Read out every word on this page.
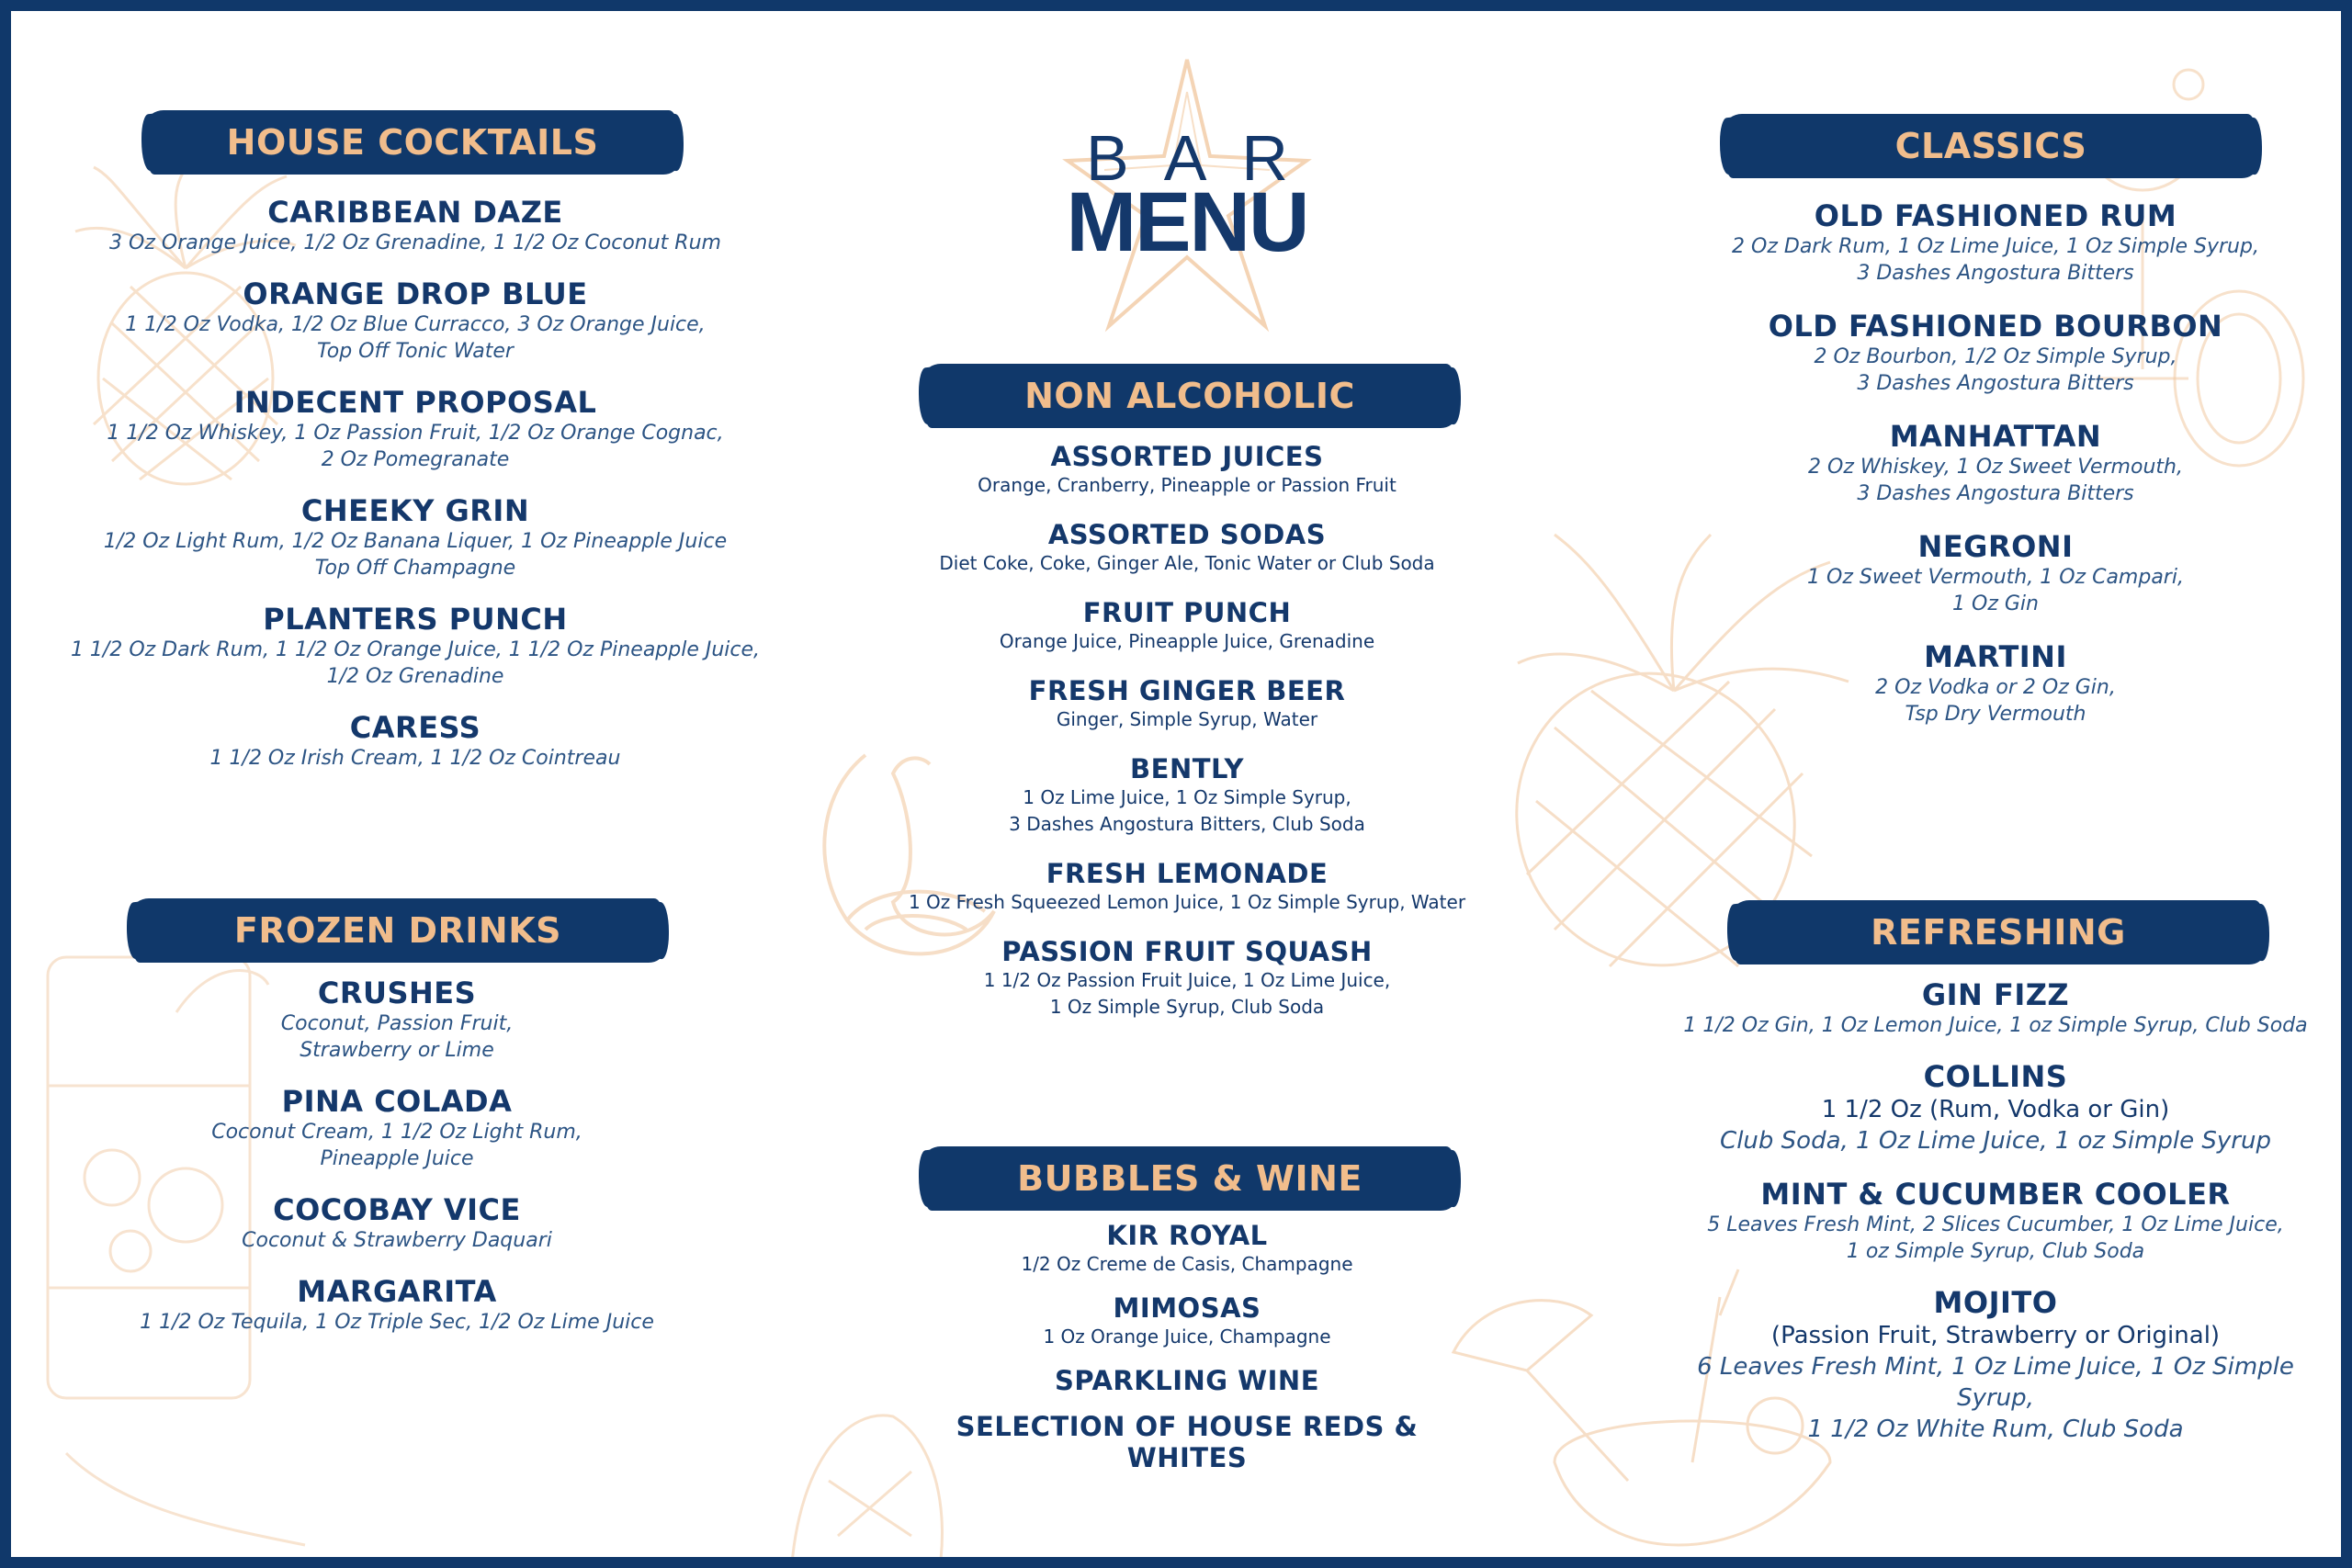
BAR
MENU
HOUSE COCKTAILS
CARIBBEAN DAZE
3 Oz Orange Juice, 1/2 Oz Grenadine, 1 1/2 Oz Coconut Rum
ORANGE DROP BLUE
1 1/2 Oz Vodka, 1/2 Oz Blue Curracco, 3 Oz Orange Juice,
Top Off Tonic Water
INDECENT PROPOSAL
1 1/2 Oz Whiskey, 1 Oz Passion Fruit, 1/2 Oz Orange Cognac,
2 Oz Pomegranate
CHEEKY GRIN
1/2 Oz Light Rum, 1/2 Oz Banana Liquer, 1 Oz Pineapple Juice
Top Off Champagne
PLANTERS PUNCH
1 1/2 Oz Dark Rum, 1 1/2 Oz Orange Juice, 1 1/2 Oz Pineapple Juice,
1/2 Oz Grenadine
CARESS
1 1/2 Oz Irish Cream, 1 1/2 Oz Cointreau
FROZEN DRINKS
CRUSHES
Coconut, Passion Fruit,
Strawberry or Lime
PINA COLADA
Coconut Cream, 1 1/2 Oz Light Rum,
Pineapple Juice
COCOBAY VICE
Coconut & Strawberry Daquari
MARGARITA
1 1/2 Oz Tequila, 1 Oz Triple Sec, 1/2 Oz Lime Juice
NON ALCOHOLIC
ASSORTED JUICES
Orange, Cranberry, Pineapple or Passion Fruit
ASSORTED SODAS
Diet Coke, Coke, Ginger Ale, Tonic Water or Club Soda
FRUIT PUNCH
Orange Juice, Pineapple Juice, Grenadine
FRESH GINGER BEER
Ginger, Simple Syrup, Water
BENTLY
1 Oz Lime Juice, 1 Oz Simple Syrup,
3 Dashes Angostura Bitters, Club Soda
FRESH LEMONADE
1 Oz Fresh Squeezed Lemon Juice, 1 Oz Simple Syrup, Water
PASSION FRUIT SQUASH
1 1/2 Oz Passion Fruit Juice, 1 Oz Lime Juice,
1 Oz Simple Syrup, Club Soda
BUBBLES & WINE
KIR ROYAL
1/2 Oz Creme de Casis, Champagne
MIMOSAS
1 Oz Orange Juice, Champagne
SPARKLING WINE
SELECTION OF HOUSE REDS & WHITES
CLASSICS
OLD FASHIONED RUM
2 Oz Dark Rum, 1 Oz Lime Juice, 1 Oz Simple Syrup,
3 Dashes Angostura Bitters
OLD FASHIONED BOURBON
2 Oz Bourbon, 1/2 Oz Simple Syrup,
3 Dashes Angostura Bitters
MANHATTAN
2 Oz Whiskey, 1 Oz Sweet Vermouth,
3 Dashes Angostura Bitters
NEGRONI
1 Oz Sweet Vermouth, 1 Oz Campari,
1 Oz Gin
MARTINI
2 Oz Vodka or 2 Oz Gin,
Tsp Dry Vermouth
REFRESHING
GIN FIZZ
1 1/2 Oz Gin, 1 Oz Lemon Juice, 1 oz Simple Syrup, Club Soda
COLLINS
1 1/2 Oz (Rum, Vodka or Gin)
Club Soda, 1 Oz Lime Juice, 1 oz Simple Syrup
MINT & CUCUMBER COOLER
5 Leaves Fresh Mint, 2 Slices Cucumber, 1 Oz Lime Juice,
1 oz Simple Syrup, Club Soda
MOJITO
(Passion Fruit, Strawberry or Original)
6 Leaves Fresh Mint, 1 Oz Lime Juice, 1 Oz Simple Syrup,
1 1/2 Oz White Rum, Club Soda
